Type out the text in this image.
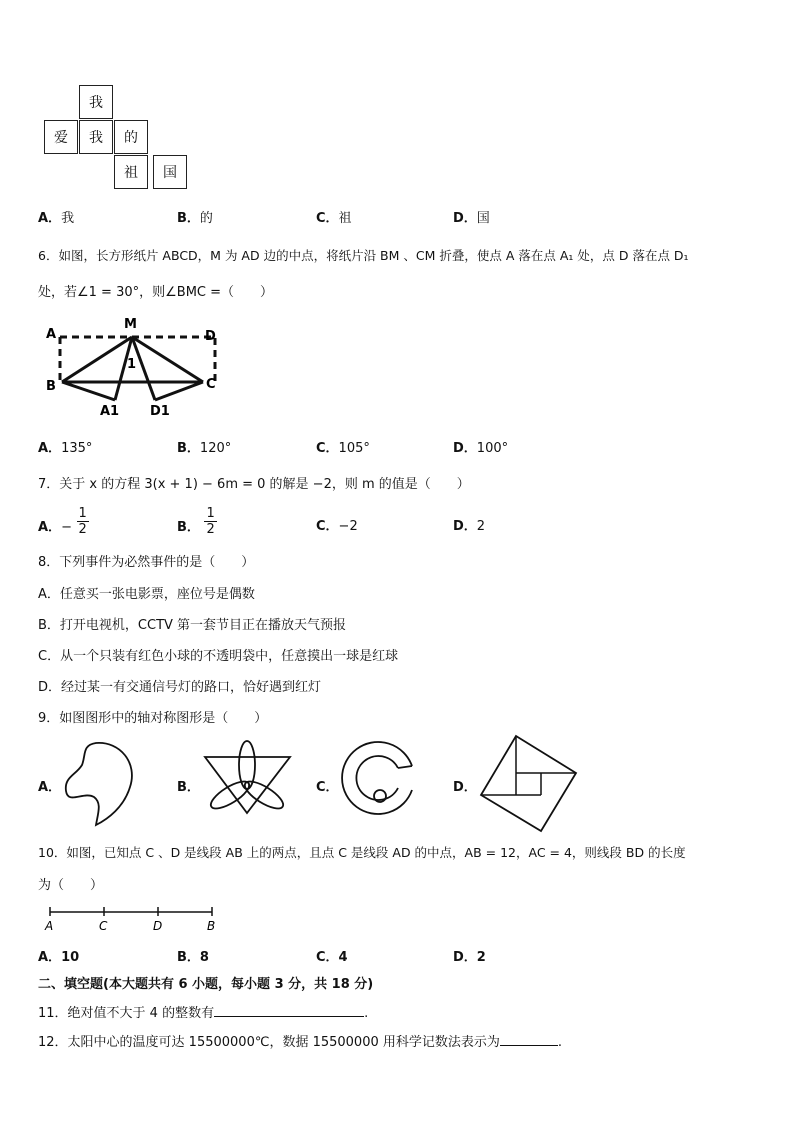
我
爱	我	的
祖	国
A．我	B．的	C．祖	D．国
6．如图，长方形纸片 ABCD，M 为 AD 边的中点，将纸片沿 BM 、CM 折叠，使点 A 落在点 A₁ 处，点 D 落在点 D₁
处，若∠1 = 30°，则∠BMC =（　　）
A
M
D
B	C
A1 D1
1
A．135°	B．120°	C．105°	D．100°
7．关于 x 的方程 3(x + 1) − 6m = 0 的解是 −2，则 m 的值是（　　）
A．− $\frac{1}{2}$	B． $\frac{1}{2}$	C．−2	D．2
8．下列事件为必然事件的是（　　）
A．任意买一张电影票，座位号是偶数
B．打开电视机，CCTV 第一套节目正在播放天气预报
C．从一个只装有红色小球的不透明袋中，任意摸出一球是红球
D．经过某一有交通信号灯的路口，恰好遇到红灯
9．如图图形中的轴对称图形是（　　）
A．	B．	C．	D．
10．如图，已知点 C 、D 是线段 AB 上的两点，且点 C 是线段 AD 的中点，AB = 12，AC = 4，则线段 BD 的长度
为（　　）
A	C	D	B
A．10	B．8	C．4	D．2
二、填空题(本大题共有 6 小题，每小题 3 分，共 18 分)
11．绝对值不大于 4 的整数有	.
12．太阳中心的温度可达 15500000℃，数据 15500000 用科学记数法表示为	.
